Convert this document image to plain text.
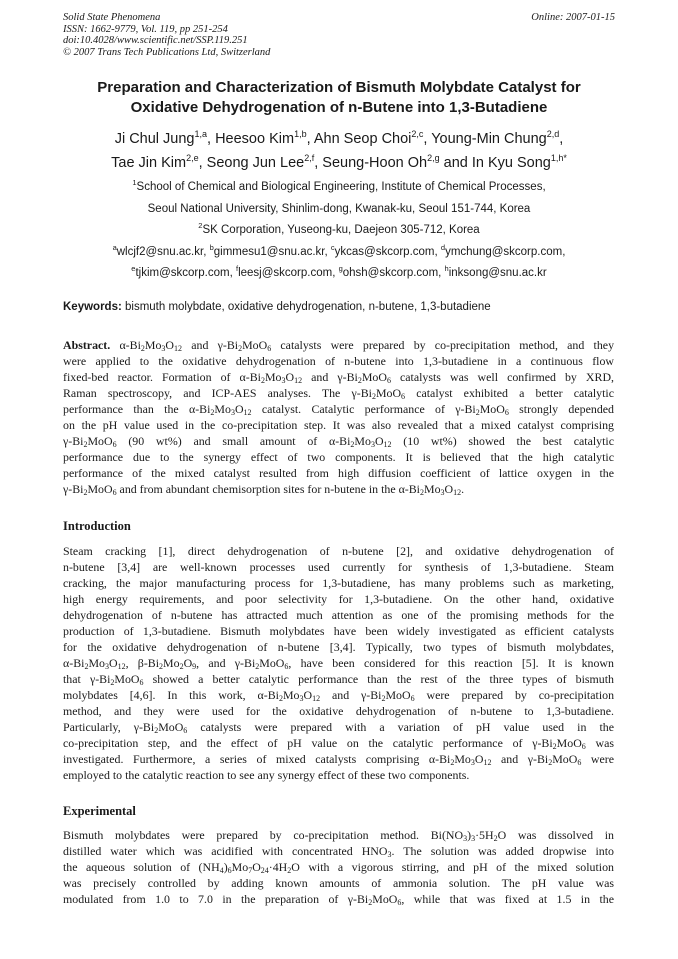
Solid State Phenomena
ISSN: 1662-9779, Vol. 119, pp 251-254
doi:10.4028/www.scientific.net/SSP.119.251
© 2007 Trans Tech Publications Ltd, Switzerland
Online: 2007-01-15
Preparation and Characterization of Bismuth Molybdate Catalyst for
Oxidative Dehydrogenation of n-Butene into 1,3-Butadiene
Ji Chul Jung$^{1,a}$, Heesoo Kim$^{1,b}$, Ahn Seop Choi$^{2,c}$, Young-Min Chung$^{2,d}$,
Tae Jin Kim$^{2,e}$, Seong Jun Lee$^{2,f}$, Seung-Hoon Oh$^{2,g}$ and In Kyu Song$^{1,h*}$
$^1$School of Chemical and Biological Engineering, Institute of Chemical Processes,
Seoul National University, Shinlim-dong, Kwanak-ku, Seoul 151-744, Korea
$^2$SK Corporation, Yuseong-ku, Daejeon 305-712, Korea
$^a$wlcjf2@snu.ac.kr, $^b$gimmesu1@snu.ac.kr, $^c$ykcas@skcorp.com, $^d$ymchung@skcorp.com,
$^e$tjkim@skcorp.com, $^f$leesj@skcorp.com, $^g$ohsh@skcorp.com, $^h$inksong@snu.ac.kr
Keywords: bismuth molybdate, oxidative dehydrogenation, n-butene, 1,3-butadiene
Abstract. $\alpha-Bi_2Mo_3O_{12}$ and $\gamma-Bi_2MoO_6$ catalysts were prepared by co-precipitation method, and they
were applied to the oxidative dehydrogenation of n-butene into 1,3-butadiene in a continuous flow
fixed-bed reactor. Formation of $\alpha-Bi_2Mo_3O_{12}$ and $\gamma-Bi_2MoO_6$ catalysts was well confirmed by XRD,
Raman spectroscopy, and ICP-AES analyses. The $\gamma-Bi_2MoO_6$ catalyst exhibited a better catalytic
performance than the $\alpha-Bi_2Mo_3O_{12}$ catalyst. Catalytic performance of $\gamma-Bi_2MoO_6$ strongly depended
on the pH value used in the co-precipitation step. It was also revealed that a mixed catalyst comprising
$\gamma-Bi_2MoO_6$ (90 wt%) and small amount of $\alpha-Bi_2Mo_3O_{12}$ (10 wt%) showed the best catalytic
performance due to the synergy effect of two components. It is believed that the high catalytic
performance of the mixed catalyst resulted from high diffusion coefficient of lattice oxygen in the
$\gamma-Bi_2MoO_6$ and from abundant chemisorption sites for n-butene in the $\alpha-Bi_2Mo_3O_{12}$.
Introduction
Steam cracking [1], direct dehydrogenation of n-butene [2], and oxidative dehydrogenation of
n-butene [3,4] are well-known processes used currently for synthesis of 1,3-butadiene. Steam
cracking, the major manufacturing process for 1,3-butadiene, has many problems such as marketing,
high energy requirements, and poor selectivity for 1,3-butadiene. On the other hand, oxidative
dehydrogenation of n-butene has attracted much attention as one of the promising methods for the
production of 1,3-butadiene. Bismuth molybdates have been widely investigated as efficient catalysts
for the oxidative dehydrogenation of n-butene [3,4]. Typically, two types of bismuth molybdates,
$\alpha-Bi_2Mo_3O_{12}$, $\beta-Bi_2Mo_2O_9$, and $\gamma-Bi_2MoO_6$, have been considered for this reaction [5]. It is known
that $\gamma-Bi_2MoO_6$ showed a better catalytic performance than the rest of the three types of bismuth
molybdates [4,6]. In this work, $\alpha-Bi_2Mo_3O_{12}$ and $\gamma-Bi_2MoO_6$ were prepared by co-precipitation
method, and they were used for the oxidative dehydrogenation of n-butene to 1,3-butadiene.
Particularly, $\gamma-Bi_2MoO_6$ catalysts were prepared with a variation of pH value used in the
co-precipitation step, and the effect of pH value on the catalytic performance of $\gamma-Bi_2MoO_6$ was
investigated. Furthermore, a series of mixed catalysts comprising $\alpha-Bi_2Mo_3O_{12}$ and $\gamma-Bi_2MoO_6$ were
employed to the catalytic reaction to see any synergy effect of these two components.
Experimental
Bismuth molybdates were prepared by co-precipitation method. $Bi(NO_3)_3\cdot 5H_2O$ was dissolved in
distilled water which was acidified with concentrated $HNO_3$. The solution was added dropwise into
the aqueous solution of $(NH_4)_6Mo_7O_{24}\cdot 4H_2O$ with a vigorous stirring, and pH of the mixed solution
was precisely controlled by adding known amounts of ammonia solution. The pH value was
modulated from 1.0 to 7.0 in the preparation of $\gamma-Bi_2MoO_6$, while that was fixed at 1.5 in the
